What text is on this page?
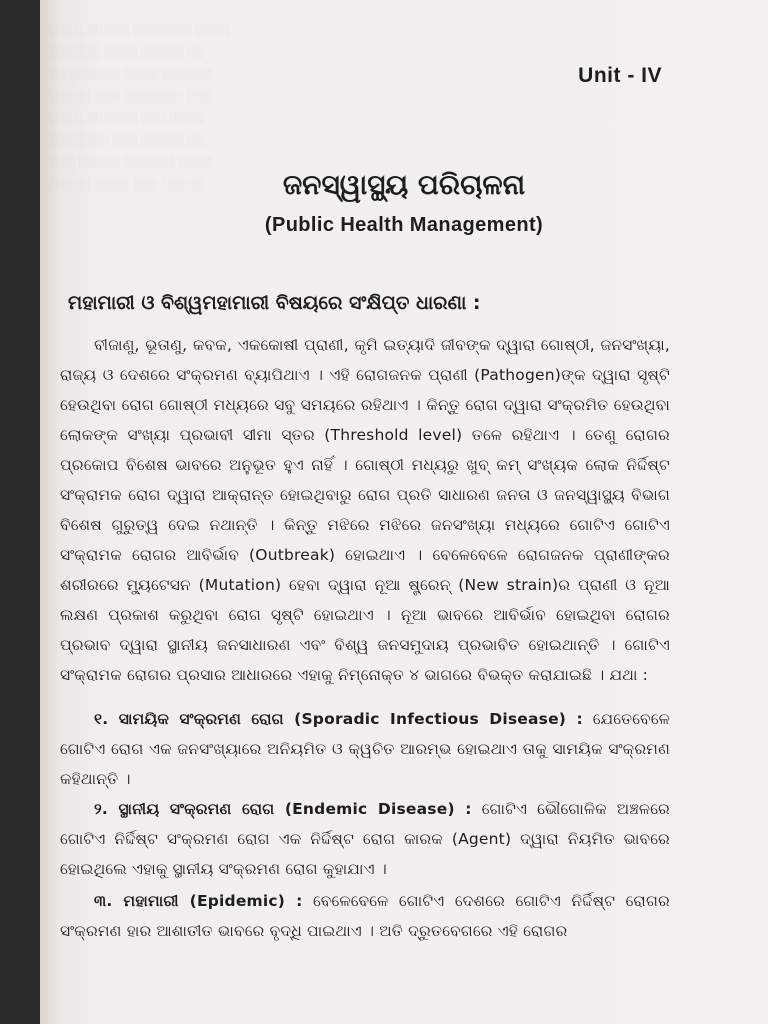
░░░░ ░░░░░ ░░░░░░░ ░░░░
░░░░░░ ░░░░ ░░░░░ ░░
░░ ░░░░░░ ░░░░ ░░░░░░
░░░░░ ░░░ ░░░░░░░ ░░░
░░░░ ░░░░░░ ░░░ ░░░░
░░░░░░░ ░░░ ░░░░░ ░░
░░░ ░░░░░ ░░░░░░ ░░░░
░░░░░ ░░░░ ░░░ ░░░░░
Unit - IV
ଜନସ୍ୱାସ୍ଥ୍ୟ ପରିଚାଳନା
(Public Health Management)
ମହାମାରୀ ଓ ବିଶ୍ୱମହାମାରୀ ବିଷୟରେ ସଂକ୍ଷିପ୍ତ ଧାରଣା :
ବୀଜାଣୁ, ଭୂତାଣୁ, କବକ, ଏକକୋଷୀ ପ୍ରାଣୀ, କୃମି ଇତ୍ୟାଦି ଜୀବଙ୍କ ଦ୍ୱାରା ଗୋଷ୍ଠୀ, ଜନସଂଖ୍ୟା, ରାଜ୍ୟ ଓ ଦେଶରେ ସଂକ୍ରମଣ ବ୍ୟାପିଥାଏ । ଏହି ରୋଗଜନକ ପ୍ରାଣୀ (Pathogen)ଙ୍କ ଦ୍ୱାରା ସୃଷ୍ଟି ହେଉଥିବା ରୋଗ ଗୋଷ୍ଠୀ ମଧ୍ୟରେ ସବୁ ସମୟରେ ରହିଥାଏ । କିନ୍ତୁ ରୋଗ ଦ୍ୱାରା ସଂକ୍ରମିତ ହେଉଥିବା ଲୋକଙ୍କ ସଂଖ୍ୟା ପ୍ରଭାବୀ ସୀମା ସ୍ତର (Threshold level) ତଳେ ରହିଥାଏ । ତେଣୁ ରୋଗର ପ୍ରକୋପ ବିଶେଷ ଭାବରେ ଅନୁଭୂତ ହୁଏ ନାହିଁ । ଗୋଷ୍ଠୀ ମଧ୍ୟରୁ ଖୁବ୍ କମ୍ ସଂଖ୍ୟକ ଲୋକ ନିର୍ଦ୍ଦିଷ୍ଟ ସଂକ୍ରାମକ ରୋଗ ଦ୍ୱାରା ଆକ୍ରାନ୍ତ ହୋଇଥିବାରୁ ରୋଗ ପ୍ରତି ସାଧାରଣ ଜନତା ଓ ଜନସ୍ୱାସ୍ଥ୍ୟ ବିଭାଗ ବିଶେଷ ଗୁରୁତ୍ୱ ଦେଇ ନଥାନ୍ତି । କିନ୍ତୁ ମଝିରେ ମଝିରେ ଜନସଂଖ୍ୟା ମଧ୍ୟରେ ଗୋଟିଏ ଗୋଟିଏ ସଂକ୍ରାମକ ରୋଗର ଆବିର୍ଭାବ (Outbreak) ହୋଇଥାଏ । ବେଳେବେଳେ ରୋଗଜନକ ପ୍ରାଣୀଙ୍କର ଶରୀରରେ ମ୍ୟୁଟେସନ (Mutation) ହେବା ଦ୍ୱାରା ନୂଆ ଷ୍ଟ୍ରେନ୍ (New strain)ର ପ୍ରାଣୀ ଓ ନୂଆ ଲକ୍ଷଣ ପ୍ରକାଶ କରୁଥିବା ରୋଗ ସୃଷ୍ଟି ହୋଇଥାଏ । ନୂଆ ଭାବରେ ଆବିର୍ଭାବ ହୋଇଥିବା ରୋଗର ପ୍ରଭାବ ଦ୍ୱାରା ସ୍ଥାନୀୟ ଜନସାଧାରଣ ଏବଂ ବିଶ୍ୱ ଜନସମୁଦାୟ ପ୍ରଭାବିତ ହୋଇଥାନ୍ତି । ଗୋଟିଏ ସଂକ୍ରାମକ ରୋଗର ପ୍ରସାର ଆଧାରରେ ଏହାକୁ ନିମ୍ନୋକ୍ତ ୪ ଭାଗରେ ବିଭକ୍ତ କରାଯାଇଛି । ଯଥା :
୧. ସାମୟିକ ସଂକ୍ରମଣ ରୋଗ (Sporadic Infectious Disease) : ଯେତେବେଳେ ଗୋଟିଏ ରୋଗ ଏକ ଜନସଂଖ୍ୟାରେ ଅନିୟମିତ ଓ କ୍ୱଚିତ ଆରମ୍ଭ ହୋଇଥାଏ ତାକୁ ସାମୟିକ ସଂକ୍ରମଣ କହିଥାନ୍ତି ।
୨. ସ୍ଥାନୀୟ ସଂକ୍ରମଣ ରୋଗ (Endemic Disease) : ଗୋଟିଏ ଭୌଗୋଳିକ ଅଞ୍ଚଳରେ ଗୋଟିଏ ନିର୍ଦ୍ଦିଷ୍ଟ ସଂକ୍ରମଣ ରୋଗ ଏକ ନିର୍ଦ୍ଦିଷ୍ଟ ରୋଗ କାରକ (Agent) ଦ୍ୱାରା ନିୟମିତ ଭାବରେ ହୋଇଥିଲେ ଏହାକୁ ସ୍ଥାନୀୟ ସଂକ୍ରମଣ ରୋଗ କୁହାଯାଏ ।
୩. ମହାମାରୀ (Epidemic) : ବେଳେବେଳେ ଗୋଟିଏ ଦେଶରେ ଗୋଟିଏ ନିର୍ଦ୍ଦିଷ୍ଟ ରୋଗର ସଂକ୍ରମଣ ହାର ଆଶାତୀତ ଭାବରେ ବୃଦ୍ଧି ପାଇଥାଏ । ଅତି ଦ୍ରୁତବେଗରେ ଏହି ରୋଗର
